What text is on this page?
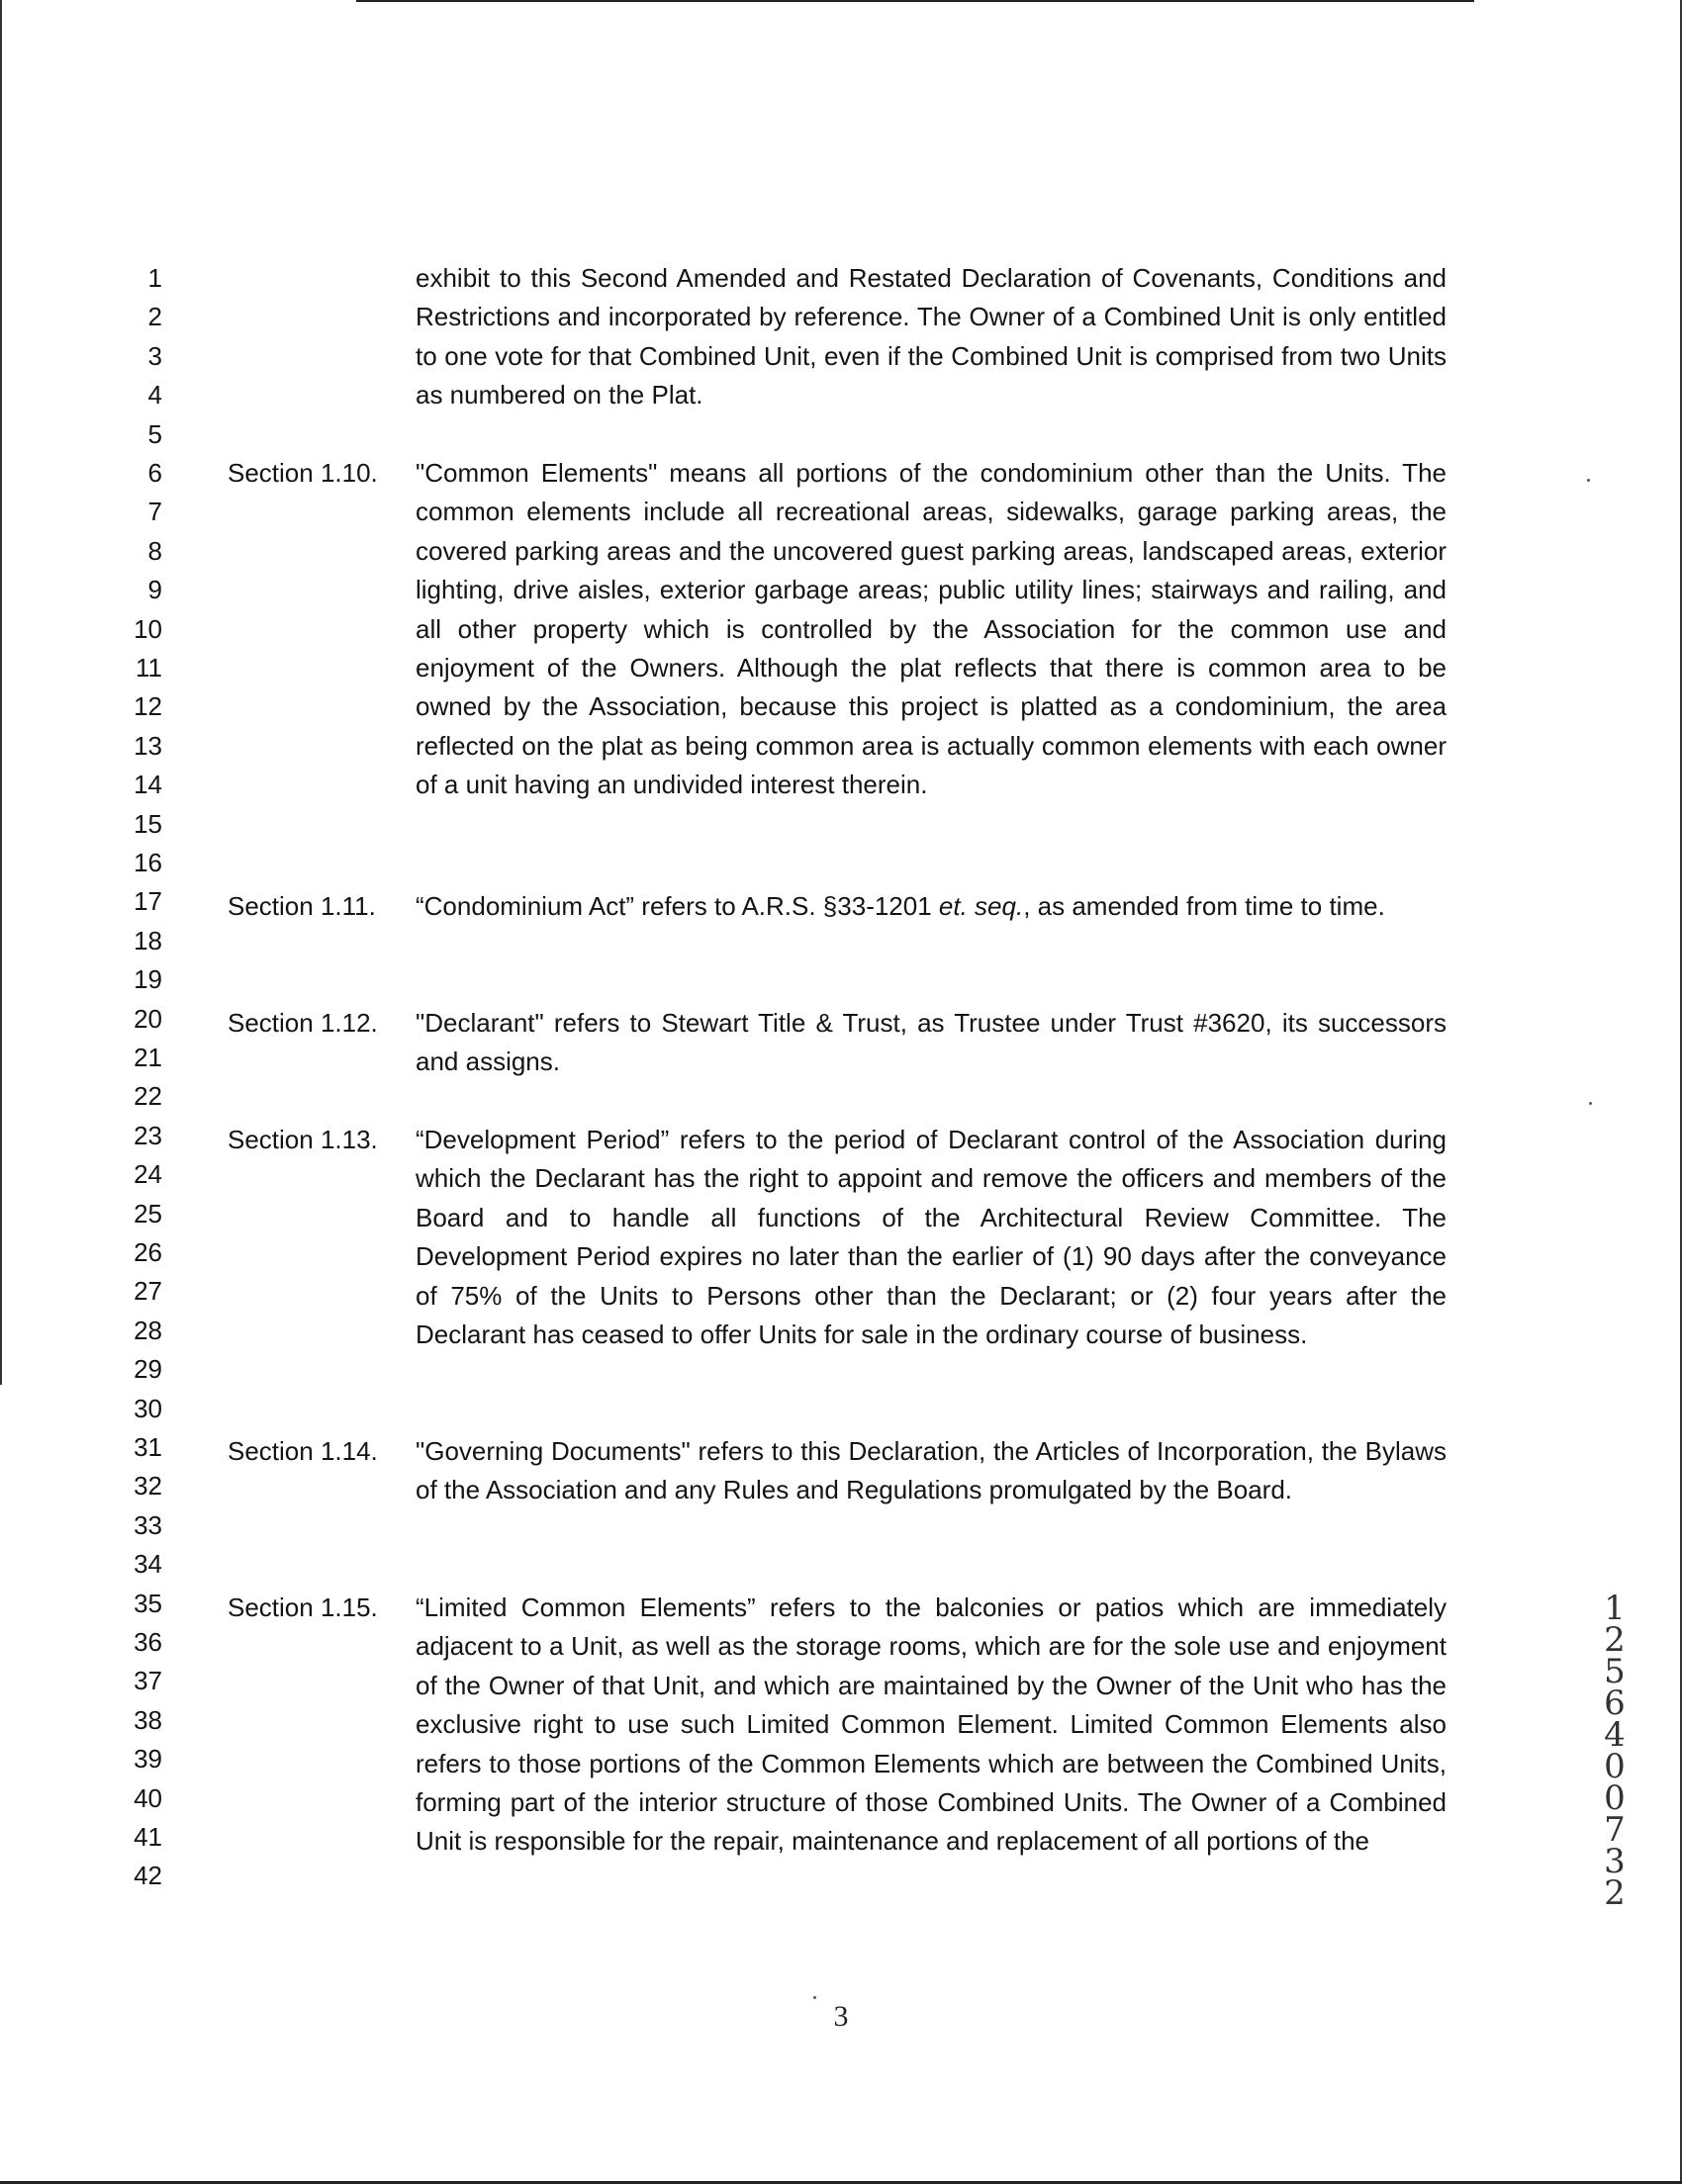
1
2
3
4
5
6
7
8
9
10
11
12
13
14
15
16
17
18
19
20
21
22
23
24
25
26
27
28
29
30
31
32
33
34
35
36
37
38
39
40
41
42

exhibit to this Second Amended and Restated Declaration of Covenants, Conditions and Restrictions and incorporated by reference. The Owner of a Combined Unit is only entitled to one vote for that Combined Unit, even if the Combined Unit is comprised from two Units as numbered on the Plat.

Section 1.10.	"Common Elements" means all portions of the condominium other than the Units. The common elements include all recreational areas, sidewalks, garage parking areas, the covered parking areas and the uncovered guest parking areas, landscaped areas, exterior lighting, drive aisles, exterior garbage areas; public utility lines; stairways and railing, and all other property which is controlled by the Association for the common use and enjoyment of the Owners. Although the plat reflects that there is common area to be owned by the Association, because this project is platted as a condominium, the area reflected on the plat as being common area is actually common elements with each owner of a unit having an undivided interest therein.

Section 1.11.	“Condominium Act” refers to A.R.S. §33-1201 et. seq., as amended from time to time.

Section 1.12.	"Declarant" refers to Stewart Title & Trust, as Trustee under Trust #3620, its successors and assigns.

Section 1.13.	“Development Period” refers to the period of Declarant control of the Association during which the Declarant has the right to appoint and remove the officers and members of the Board and to handle all functions of the Architectural Review Committee. The Development Period expires no later than the earlier of (1) 90 days after the conveyance of 75% of the Units to Persons other than the Declarant; or (2) four years after the Declarant has ceased to offer Units for sale in the ordinary course of business.

Section 1.14.	"Governing Documents" refers to this Declaration, the Articles of Incorporation, the Bylaws of the Association and any Rules and Regulations promulgated by the Board.

Section 1.15.	“Limited Common Elements” refers to the balconies or patios which are immediately adjacent to a Unit, as well as the storage rooms, which are for the sole use and enjoyment of the Owner of that Unit, and which are maintained by the Owner of the Unit who has the exclusive right to use such Limited Common Element. Limited Common Elements also refers to those portions of the Common Elements which are between the Combined Units, forming part of the interior structure of those Combined Units. The Owner of a Combined Unit is responsible for the repair, maintenance and replacement of all portions of the

12564 00732
3
